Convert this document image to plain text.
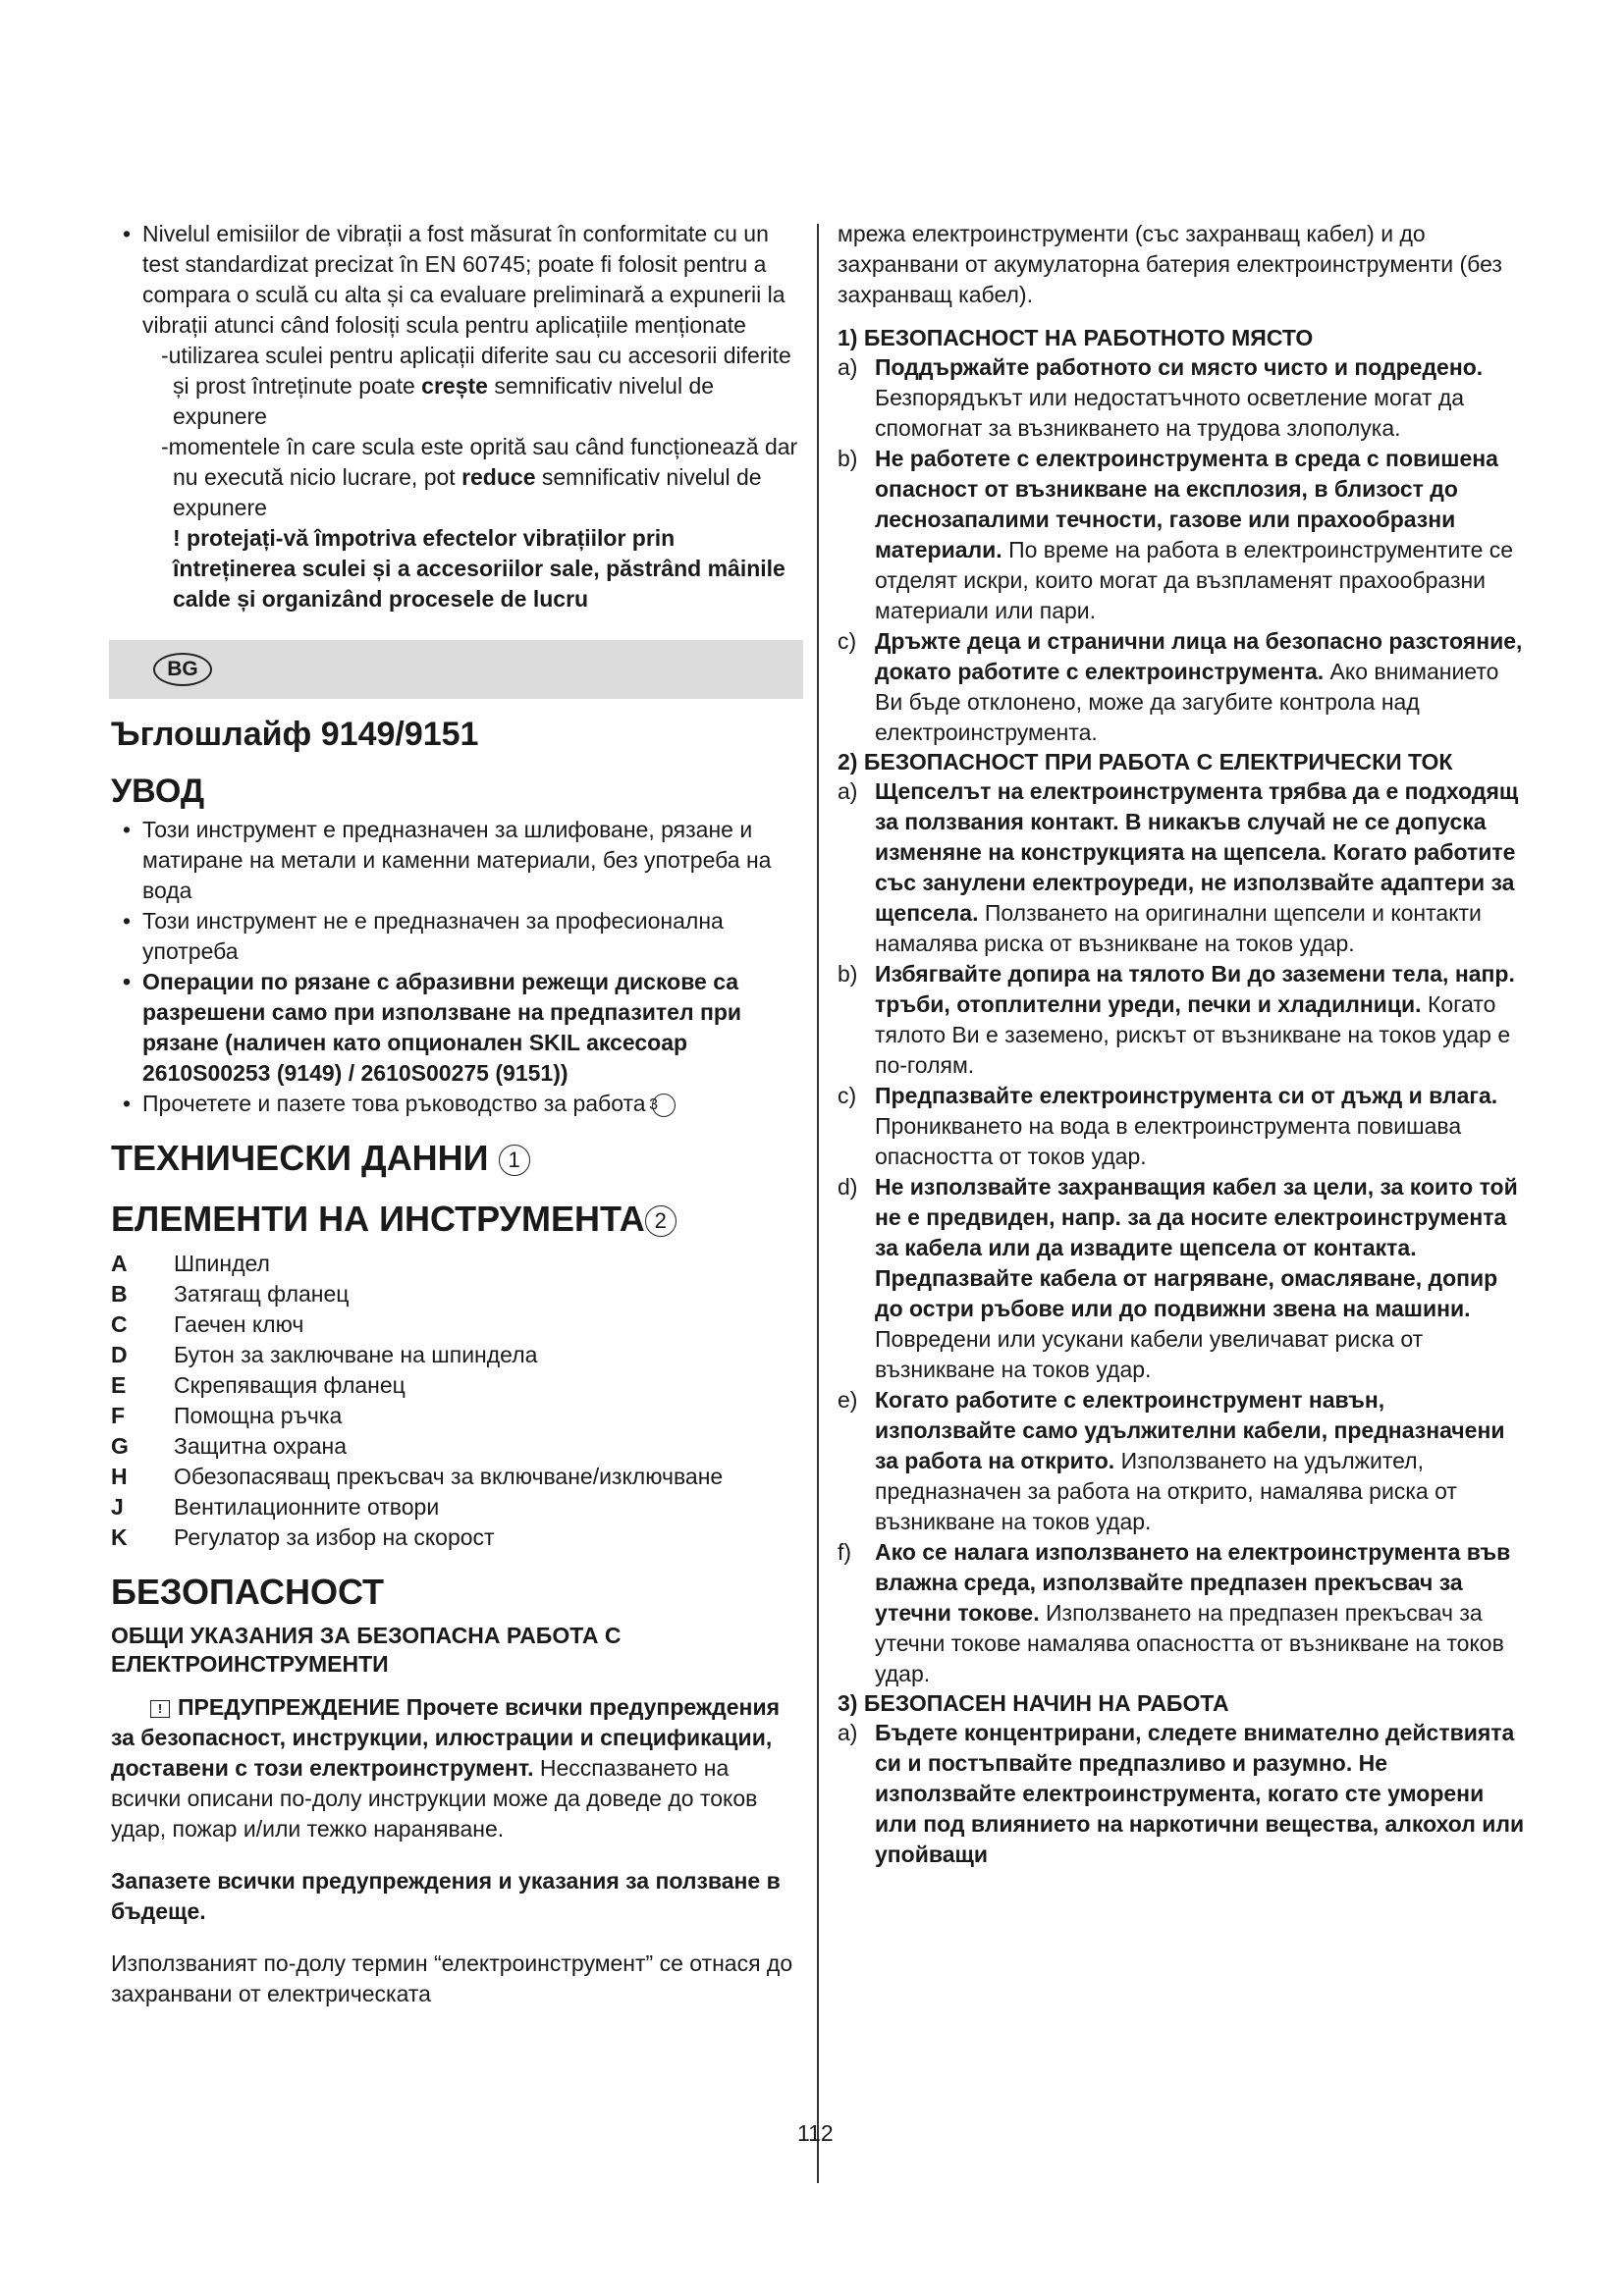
• Nivelul emisiilor de vibrații a fost măsurat în conformitate cu un test standardizat precizat în EN 60745; poate fi folosit pentru a compara o sculă cu alta și ca evaluare preliminară a expunerii la vibrații atunci când folosiți scula pentru aplicațiile menționate

-utilizarea sculei pentru aplicații diferite sau cu accesorii diferite și prost întreținute poate crește semnificativ nivelul de expunere

-momentele în care scula este oprită sau când funcționează dar nu execută nicio lucrare, pot reduce semnificativ nivelul de expunere

! protejați-vă împotriva efectelor vibrațiilor prin întreținerea sculei și a accesoriilor sale, păstrând mâinile calde și organizând procesele de lucru

BG
Ъглошлайф 9149/9151
УВОД

• Този инструмент е предназначен за шлифоване, рязане и матиране на метали и каменни материали, без употреба на вода

• Този инструмент не е предназначен за професионална употреба

• Операции по рязане с абразивни режещи дискове са разрешени само при използване на предпазител при рязане (наличен като опционален SKIL аксесоар 2610S00253 (9149) / 2610S00275 (9151))

• Прочетете и пазете това ръководство за работа 3

ТЕХНИЧЕСКИ ДАННИ 1
ЕЛЕМЕНТИ НА ИНСТРУМЕНТА 2
A	Шпиндел
B	Затягащ фланец
C	Гаечен ключ
D	Бутон за заключване на шпиндела
E	Скрепяващия фланец
F	Помощна ръчка
G	Защитна охрана
H	Обезопасяващ прекъсвач за включване/изключване
J	Вентилационните отвори
K	Регулатор за избор на скорост
БЕЗОПАСНОСТ

ОБЩИ УКАЗАНИЯ ЗА БЕЗОПАСНА РАБОТА С ЕЛЕКТРОИНСТРУМЕНТИ

! ПРЕДУПРЕЖДЕНИЕ Прочете всички предупреждения за безопасност, инструкции, илюстрации и спецификации, доставени с този електроинструмент. Несспазването на всички описани по-долу инструкции може да доведе до токов удар, пожар и/или тежко нараняване.

Запазете всички предупреждения и указания за ползване в бъдеще.

Използваният по-долу термин “електроинструмент” се отнася до захранвани от електрическата

мрежа електроинструменти (със захранващ кабел) и до захранвани от акумулаторна батерия електроинструменти (без захранващ кабел).

1) БЕЗОПАСНОСТ НА РАБОТНОТО МЯСТО

a) Поддържайте работното си място чисто и подредено. Безпорядъкът или недостатъчното осветление могат да спомогнат за възникването на трудова злополука.

b) Не работете с електроинструмента в среда с повишена опасност от възникване на експлозия, в близост до леснозапалими течности, газове или прахообразни материали. По време на работа в електроинструментите се отделят искри, които могат да възпламенят прахообразни материали или пари.

c) Дръжте деца и странични лица на безопасно разстояние, докато работите с електроинструмента. Ако вниманието Ви бъде отклонено, може да загубите контрола над електроинструмента.

2) БЕЗОПАСНОСТ ПРИ РАБОТА С ЕЛЕКТРИЧЕСКИ ТОК

a) Щепселът на електроинструмента трябва да е подходящ за ползвания контакт. В никакъв случай не се допуска изменяне на конструкцията на щепсела. Когато работите със занулени електроуреди, не използвайте адаптери за щепсела. Ползването на оригинални щепсели и контакти намалява риска от възникване на токов удар.

b) Избягвайте допира на тялото Ви до заземени тела, напр. тръби, отоплителни уреди, печки и хладилници. Когато тялото Ви е заземено, рискът от възникване на токов удар е по-голям.

c) Предпазвайте електроинструмента си от дъжд и влага. Проникването на вода в електроинструмента повишава опасността от токов удар.

d) Не използвайте захранващия кабел за цели, за които той не е предвиден, напр. за да носите електроинструмента за кабела или да извадите щепсела от контакта. Предпазвайте кабела от нагряване, омасляване, допир до остри ръбове или до подвижни звена на машини. Повредени или усукани кабели увеличават риска от възникване на токов удар.

e) Когато работите с електроинструмент навън, използвайте само удължителни кабели, предназначени за работа на открито. Използването на удължител, предназначен за работа на открито, намалява риска от възникване на токов удар.

f) Ако се налага използването на електроинструмента във влажна среда, използвайте предпазен прекъсвач за утечни токове. Използването на предпазен прекъсвач за утечни токове намалява опасността от възникване на токов удар.

3) БЕЗОПАСЕН НАЧИН НА РАБОТА

a) Бъдете концентрирани, следете внимателно действията си и постъпвайте предпазливо и разумно. Не използвайте електроинструмента, когато сте уморени или под влиянието на наркотични вещества, алкохол или упойващи

112
